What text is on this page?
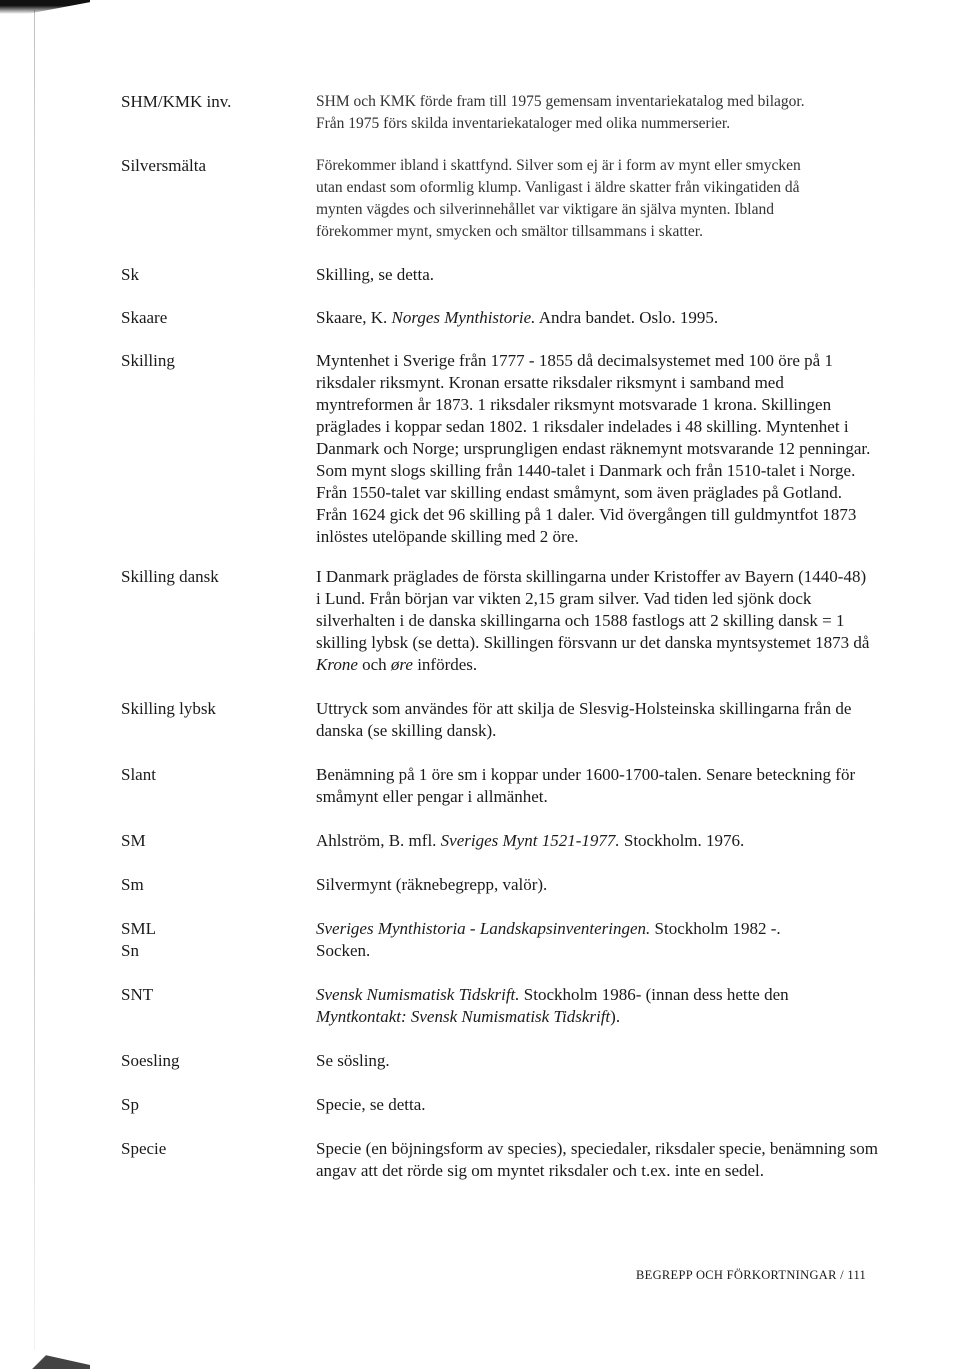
SHM/KMK inv.	SHM och KMK förde fram till 1975 gemensam inventariekatalog med bilagor.
Från 1975 förs skilda inventariekataloger med olika nummerserier.
Silversmälta	Förekommer ibland i skattfynd. Silver som ej är i form av mynt eller smycken
utan endast som oformlig klump. Vanligast i äldre skatter från vikingatiden då
mynten vägdes och silverinnehållet var viktigare än själva mynten. Ibland
förekommer mynt, smycken och smältor tillsammans i skatter.
Sk	Skilling, se detta.
Skaare	Skaare, K. Norges Mynthistorie. Andra bandet. Oslo. 1995.
Skilling	Myntenhet i Sverige från 1777 - 1855 då decimalsystemet med 100 öre på 1
riksdaler riksmynt. Kronan ersatte riksdaler riksmynt i samband med
myntreformen år 1873. 1 riksdaler riksmynt motsvarade 1 krona. Skillingen
präglades i koppar sedan 1802. 1 riksdaler indelades i 48 skilling. Myntenhet i
Danmark och Norge; ursprungligen endast räknemynt motsvarande 12 penningar.
Som mynt slogs skilling från 1440-talet i Danmark och från 1510-talet i Norge.
Från 1550-talet var skilling endast småmynt, som även präglades på Gotland.
Från 1624 gick det 96 skilling på 1 daler. Vid övergången till guldmyntfot 1873
inlöstes utelöpande skilling med 2 öre.
Skilling dansk	I Danmark präglades de första skillingarna under Kristoffer av Bayern (1440-48)
i Lund. Från början var vikten 2,15 gram silver. Vad tiden led sjönk dock
silverhalten i de danska skillingarna och 1588 fastlogs att 2 skilling dansk = 1
skilling lybsk (se detta). Skillingen försvann ur det danska myntsystemet 1873 då
Krone och øre infördes.
Skilling lybsk	Uttryck som användes för att skilja de Slesvig-Holsteinska skillingarna från de
danska (se skilling dansk).
Slant	Benämning på 1 öre sm i koppar under 1600-1700-talen. Senare beteckning för
småmynt eller pengar i allmänhet.
SM	Ahlström, B. mfl. Sveriges Mynt 1521-1977. Stockholm. 1976.
Sm	Silvermynt (räknebegrepp, valör).
SML	Sveriges Mynthistoria - Landskapsinventeringen. Stockholm 1982 -.
Sn	Socken.
SNT	Svensk Numismatisk Tidskrift. Stockholm 1986- (innan dess hette den
Myntkontakt: Svensk Numismatisk Tidskrift).
Soesling	Se sösling.
Sp	Specie, se detta.
Specie	Specie (en böjningsform av species), speciedaler, riksdaler specie, benämning som
angav att det rörde sig om myntet riksdaler och t.ex. inte en sedel.
BEGREPP OCH FÖRKORTNINGAR / 111
